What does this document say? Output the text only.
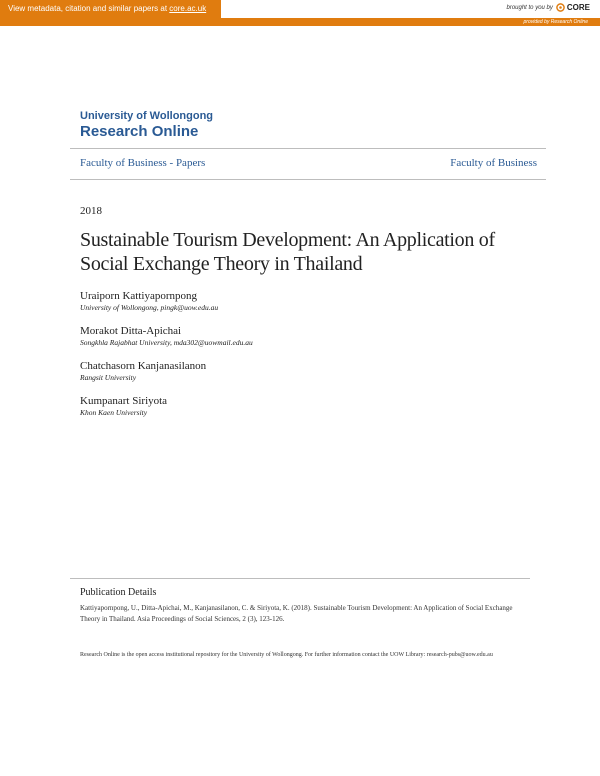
View metadata, citation and similar papers at core.ac.uk	brought to you by CORE
provided by Research Online
University of Wollongong
Research Online
Faculty of Business - Papers	Faculty of Business
2018
Sustainable Tourism Development: An Application of Social Exchange Theory in Thailand
Uraiporn Kattiyapornpong
University of Wollongong, pingk@uow.edu.au
Morakot Ditta-Apichai
Songkhla Rajabhat University, mda302@uowmail.edu.au
Chatchasorn Kanjanasilanon
Rangsit University
Kumpanart Siriyota
Khon Kaen University
Publication Details
Kattiyapornpong, U., Ditta-Apichai, M., Kanjanasilanon, C. & Siriyota, K. (2018). Sustainable Tourism Development: An Application of Social Exchange Theory in Thailand. Asia Proceedings of Social Sciences, 2 (3), 123-126.
Research Online is the open access institutional repository for the University of Wollongong. For further information contact the UOW Library: research-pubs@uow.edu.au
